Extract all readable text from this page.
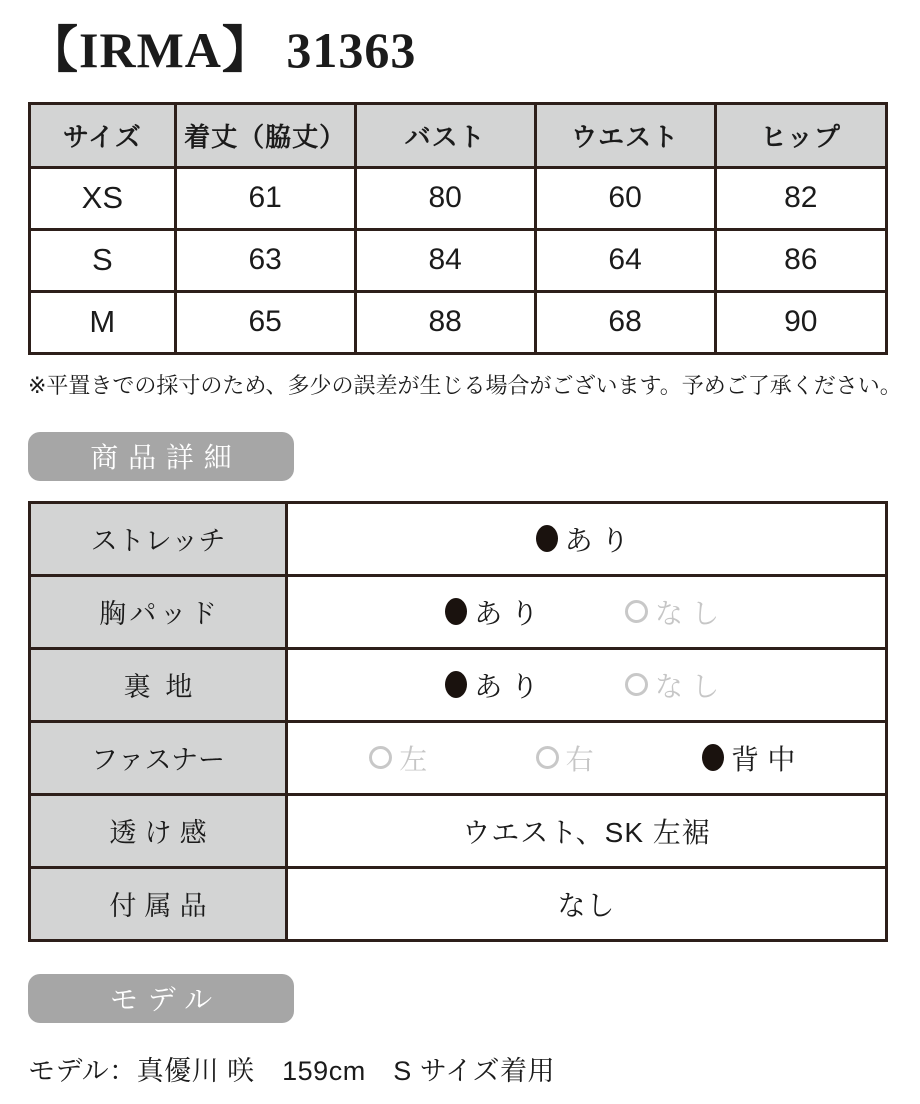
【IRMA】 31363
サイズ	着丈（脇丈）	バスト	ウエスト	ヒップ
XS	61	80	60	82
S	63	84	64	86
M	65	88	68	90

※平置きでの採寸のため、多少の誤差が生じる場合がございます。予めご了承ください。

商品詳細
ストレッチ	あり

胸パッド	あり なし

裏地	あり なし

ファスナー	左 右 背中

透け感	ウエスト、SK 左裾
付属品	なし
モデル

モデル：真優川 咲　159cm　S サイズ着用
